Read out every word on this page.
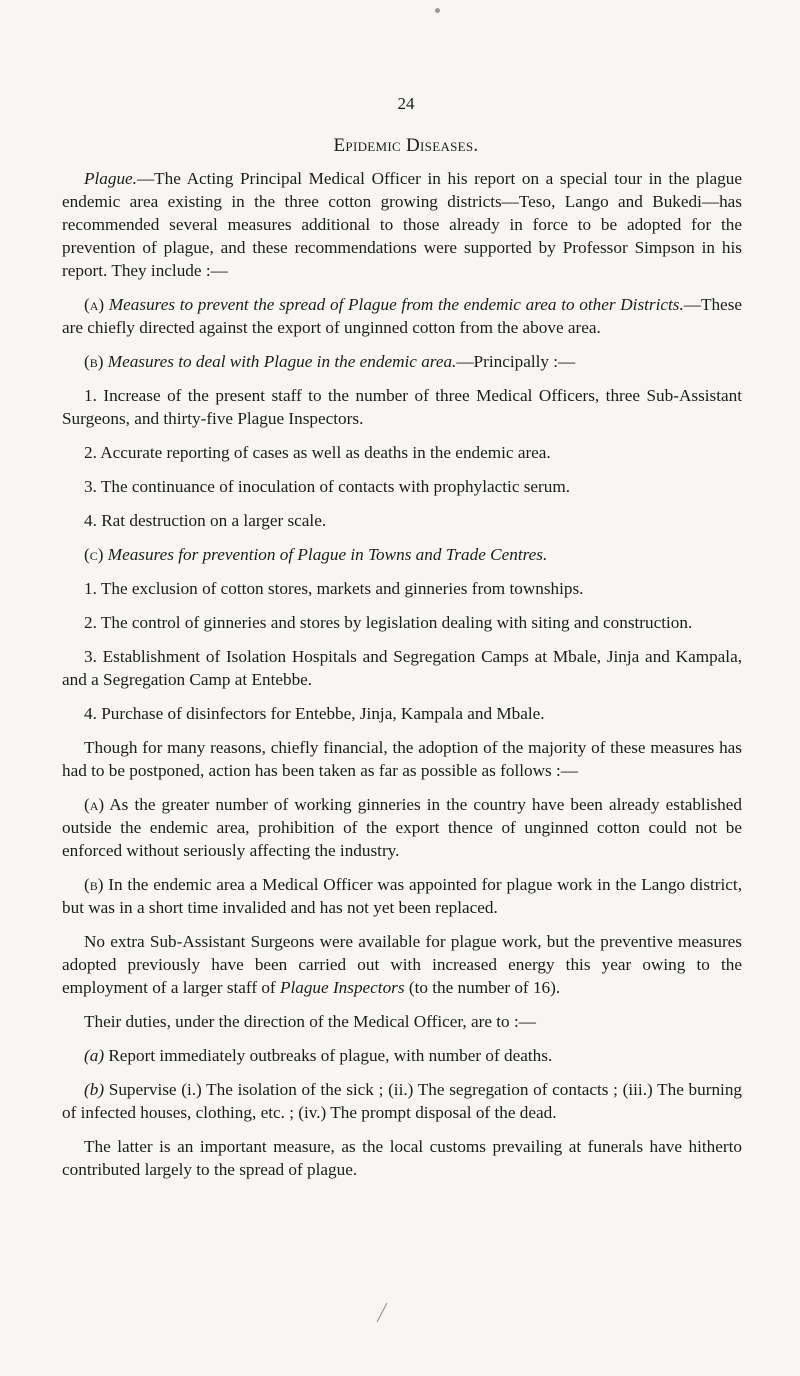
24
Epidemic Diseases.

Plague.—The Acting Principal Medical Officer in his report on a special tour in the plague endemic area existing in the three cotton growing districts—Teso, Lango and Bukedi—has recommended several measures additional to those already in force to be adopted for the prevention of plague, and these recommendations were supported by Professor Simpson in his report. They include :—

(a) Measures to prevent the spread of Plague from the endemic area to other Districts.—These are chiefly directed against the export of unginned cotton from the above area.

(b) Measures to deal with Plague in the endemic area.—Principally :—

1. Increase of the present staff to the number of three Medical Officers, three Sub-Assistant Surgeons, and thirty-five Plague Inspectors.

2. Accurate reporting of cases as well as deaths in the endemic area.

3. The continuance of inoculation of contacts with prophylactic serum.

4. Rat destruction on a larger scale.

(c) Measures for prevention of Plague in Towns and Trade Centres.

1. The exclusion of cotton stores, markets and ginneries from townships.

2. The control of ginneries and stores by legislation dealing with siting and construction.

3. Establishment of Isolation Hospitals and Segregation Camps at Mbale, Jinja and Kampala, and a Segregation Camp at Entebbe.

4. Purchase of disinfectors for Entebbe, Jinja, Kampala and Mbale.

Though for many reasons, chiefly financial, the adoption of the majority of these measures has had to be postponed, action has been taken as far as possible as follows :—

(a) As the greater number of working ginneries in the country have been already established outside the endemic area, prohibition of the export thence of unginned cotton could not be enforced without seriously affecting the industry.

(b) In the endemic area a Medical Officer was appointed for plague work in the Lango district, but was in a short time invalided and has not yet been replaced.

No extra Sub-Assistant Surgeons were available for plague work, but the preventive measures adopted previously have been carried out with increased energy this year owing to the employment of a larger staff of Plague Inspectors (to the number of 16).

Their duties, under the direction of the Medical Officer, are to :—

(a) Report immediately outbreaks of plague, with number of deaths.

(b) Supervise (i.) The isolation of the sick ; (ii.) The segregation of contacts ; (iii.) The burning of infected houses, clothing, etc. ; (iv.) The prompt disposal of the dead.

The latter is an important measure, as the local customs prevailing at funerals have hitherto contributed largely to the spread of plague.
